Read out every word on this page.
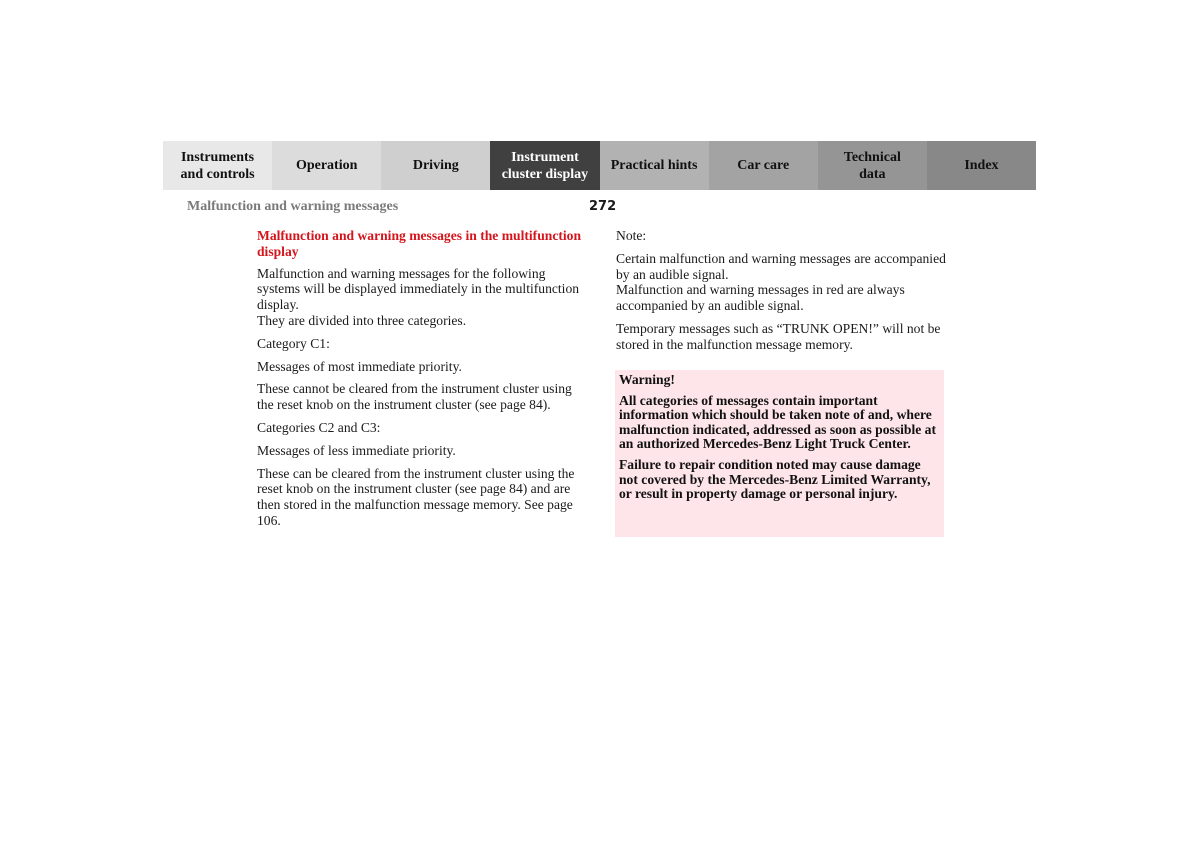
Instruments
and controls
Operation	Driving
Instrument
cluster display
Practical hints	Car care
Technical
data
Index
Malfunction and warning messages	272
Malfunction and warning messages in the multifunction display

Malfunction and warning messages for the following systems will be displayed immediately in the multifunction display.
They are divided into three categories.

Category C1:

Messages of most immediate priority.

These cannot be cleared from the instrument cluster using the reset knob on the instrument cluster (see page 84).

Categories C2 and C3:

Messages of less immediate priority.

These can be cleared from the instrument cluster using the reset knob on the instrument cluster (see page 84) and are then stored in the malfunction message memory. See page 106.

Note:

Certain malfunction and warning messages are accompanied by an audible signal.
Malfunction and warning messages in red are always accompanied by an audible signal.

Temporary messages such as “TRUNK OPEN!” will not be stored in the malfunction message memory.

Warning!

All categories of messages contain important information which should be taken note of and, where malfunction indicated, addressed as soon as possible at an authorized Mercedes-Benz Light Truck Center.

Failure to repair condition noted may cause damage not covered by the Mercedes-Benz Limited Warranty, or result in property damage or personal injury.
